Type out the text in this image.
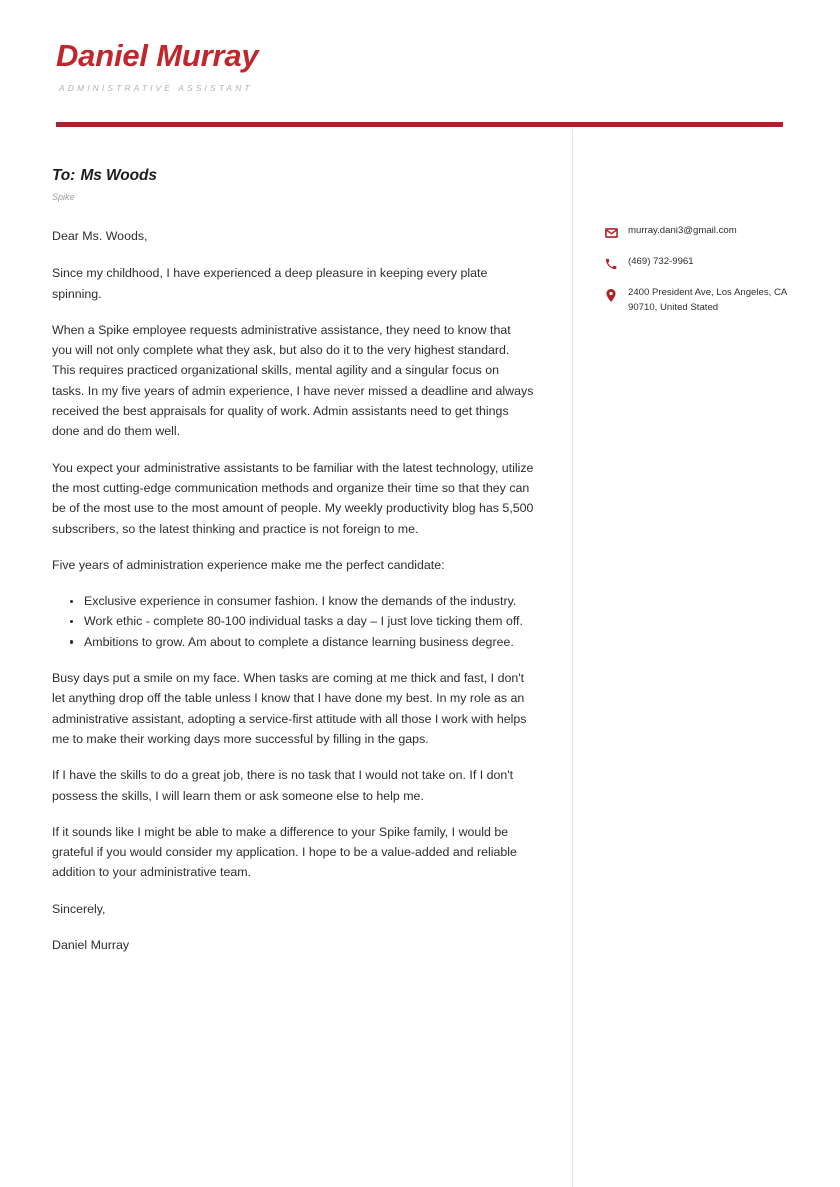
Daniel Murray
ADMINISTRATIVE ASSISTANT
To: Ms Woods
Spike

Dear Ms. Woods,

Since my childhood, I have experienced a deep pleasure in keeping every plate spinning.

When a Spike employee requests administrative assistance, they need to know that you will not only complete what they ask, but also do it to the very highest standard. This requires practiced organizational skills, mental agility and a singular focus on tasks. In my five years of admin experience, I have never missed a deadline and always received the best appraisals for quality of work. Admin assistants need to get things done and do them well.

You expect your administrative assistants to be familiar with the latest technology, utilize the most cutting-edge communication methods and organize their time so that they can be of the most use to the most amount of people. My weekly productivity blog has 5,500 subscribers, so the latest thinking and practice is not foreign to me.

Five years of administration experience make me the perfect candidate:

Exclusive experience in consumer fashion. I know the demands of the industry.
Work ethic - complete 80-100 individual tasks a day – I just love ticking them off.
Ambitions to grow. Am about to complete a distance learning business degree.

Busy days put a smile on my face. When tasks are coming at me thick and fast, I don't let anything drop off the table unless I know that I have done my best. In my role as an administrative assistant, adopting a service-first attitude with all those I work with helps me to make their working days more successful by filling in the gaps.

If I have the skills to do a great job, there is no task that I would not take on. If I don't possess the skills, I will learn them or ask someone else to help me.

If it sounds like I might be able to make a difference to your Spike family, I would be grateful if you would consider my application. I hope to be a value-added and reliable addition to your administrative team.

Sincerely,

Daniel Murray

murray.dani3@gmail.com
(469) 732-9961
2400 President Ave, Los Angeles, CA 90710, United Stated
